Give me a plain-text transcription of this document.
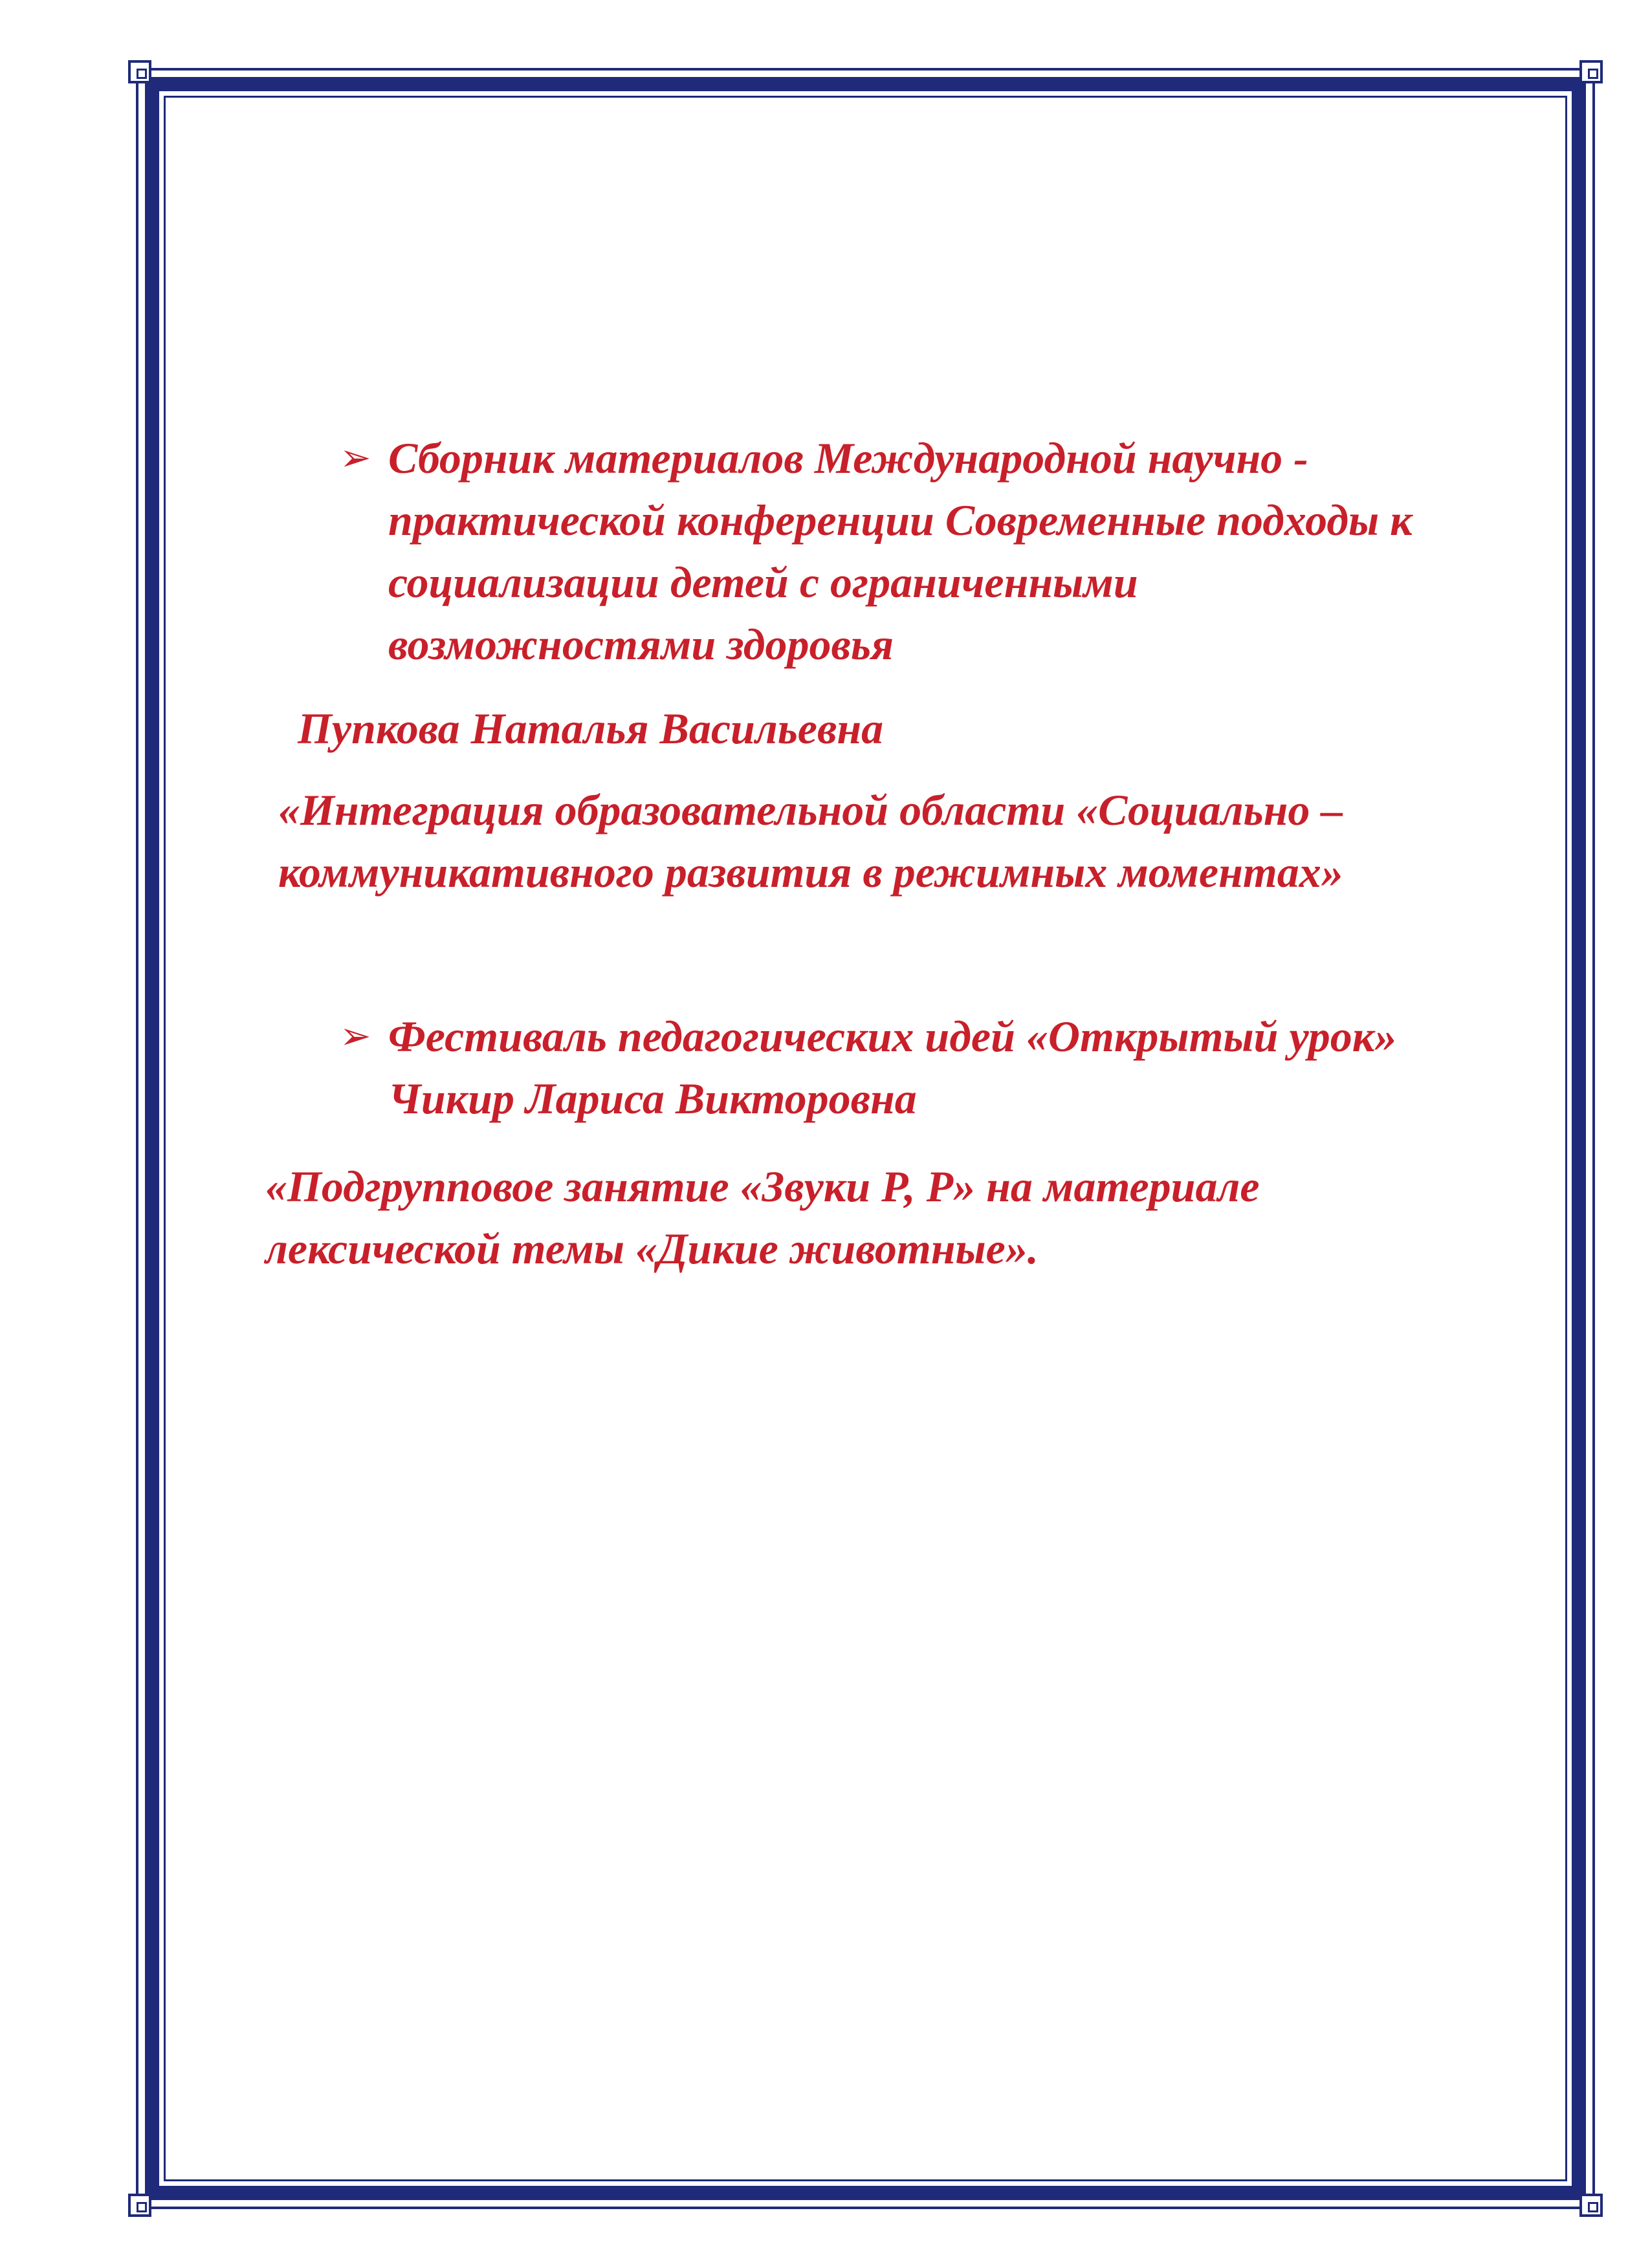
➢ Сборник материалов Международной научно -
практической конференции Современные подходы к
социализации детей с ограниченными
возможностями здоровья
Пупкова Наталья Васильевна
«Интеграция образовательной области «Социально –
коммуникативного развития в режимных моментах»
➢ Фестиваль педагогических идей «Открытый урок»
Чикир Лариса Викторовна
«Подгрупповое занятие «Звуки Р, Р» на материале
лексической темы «Дикие животные».
